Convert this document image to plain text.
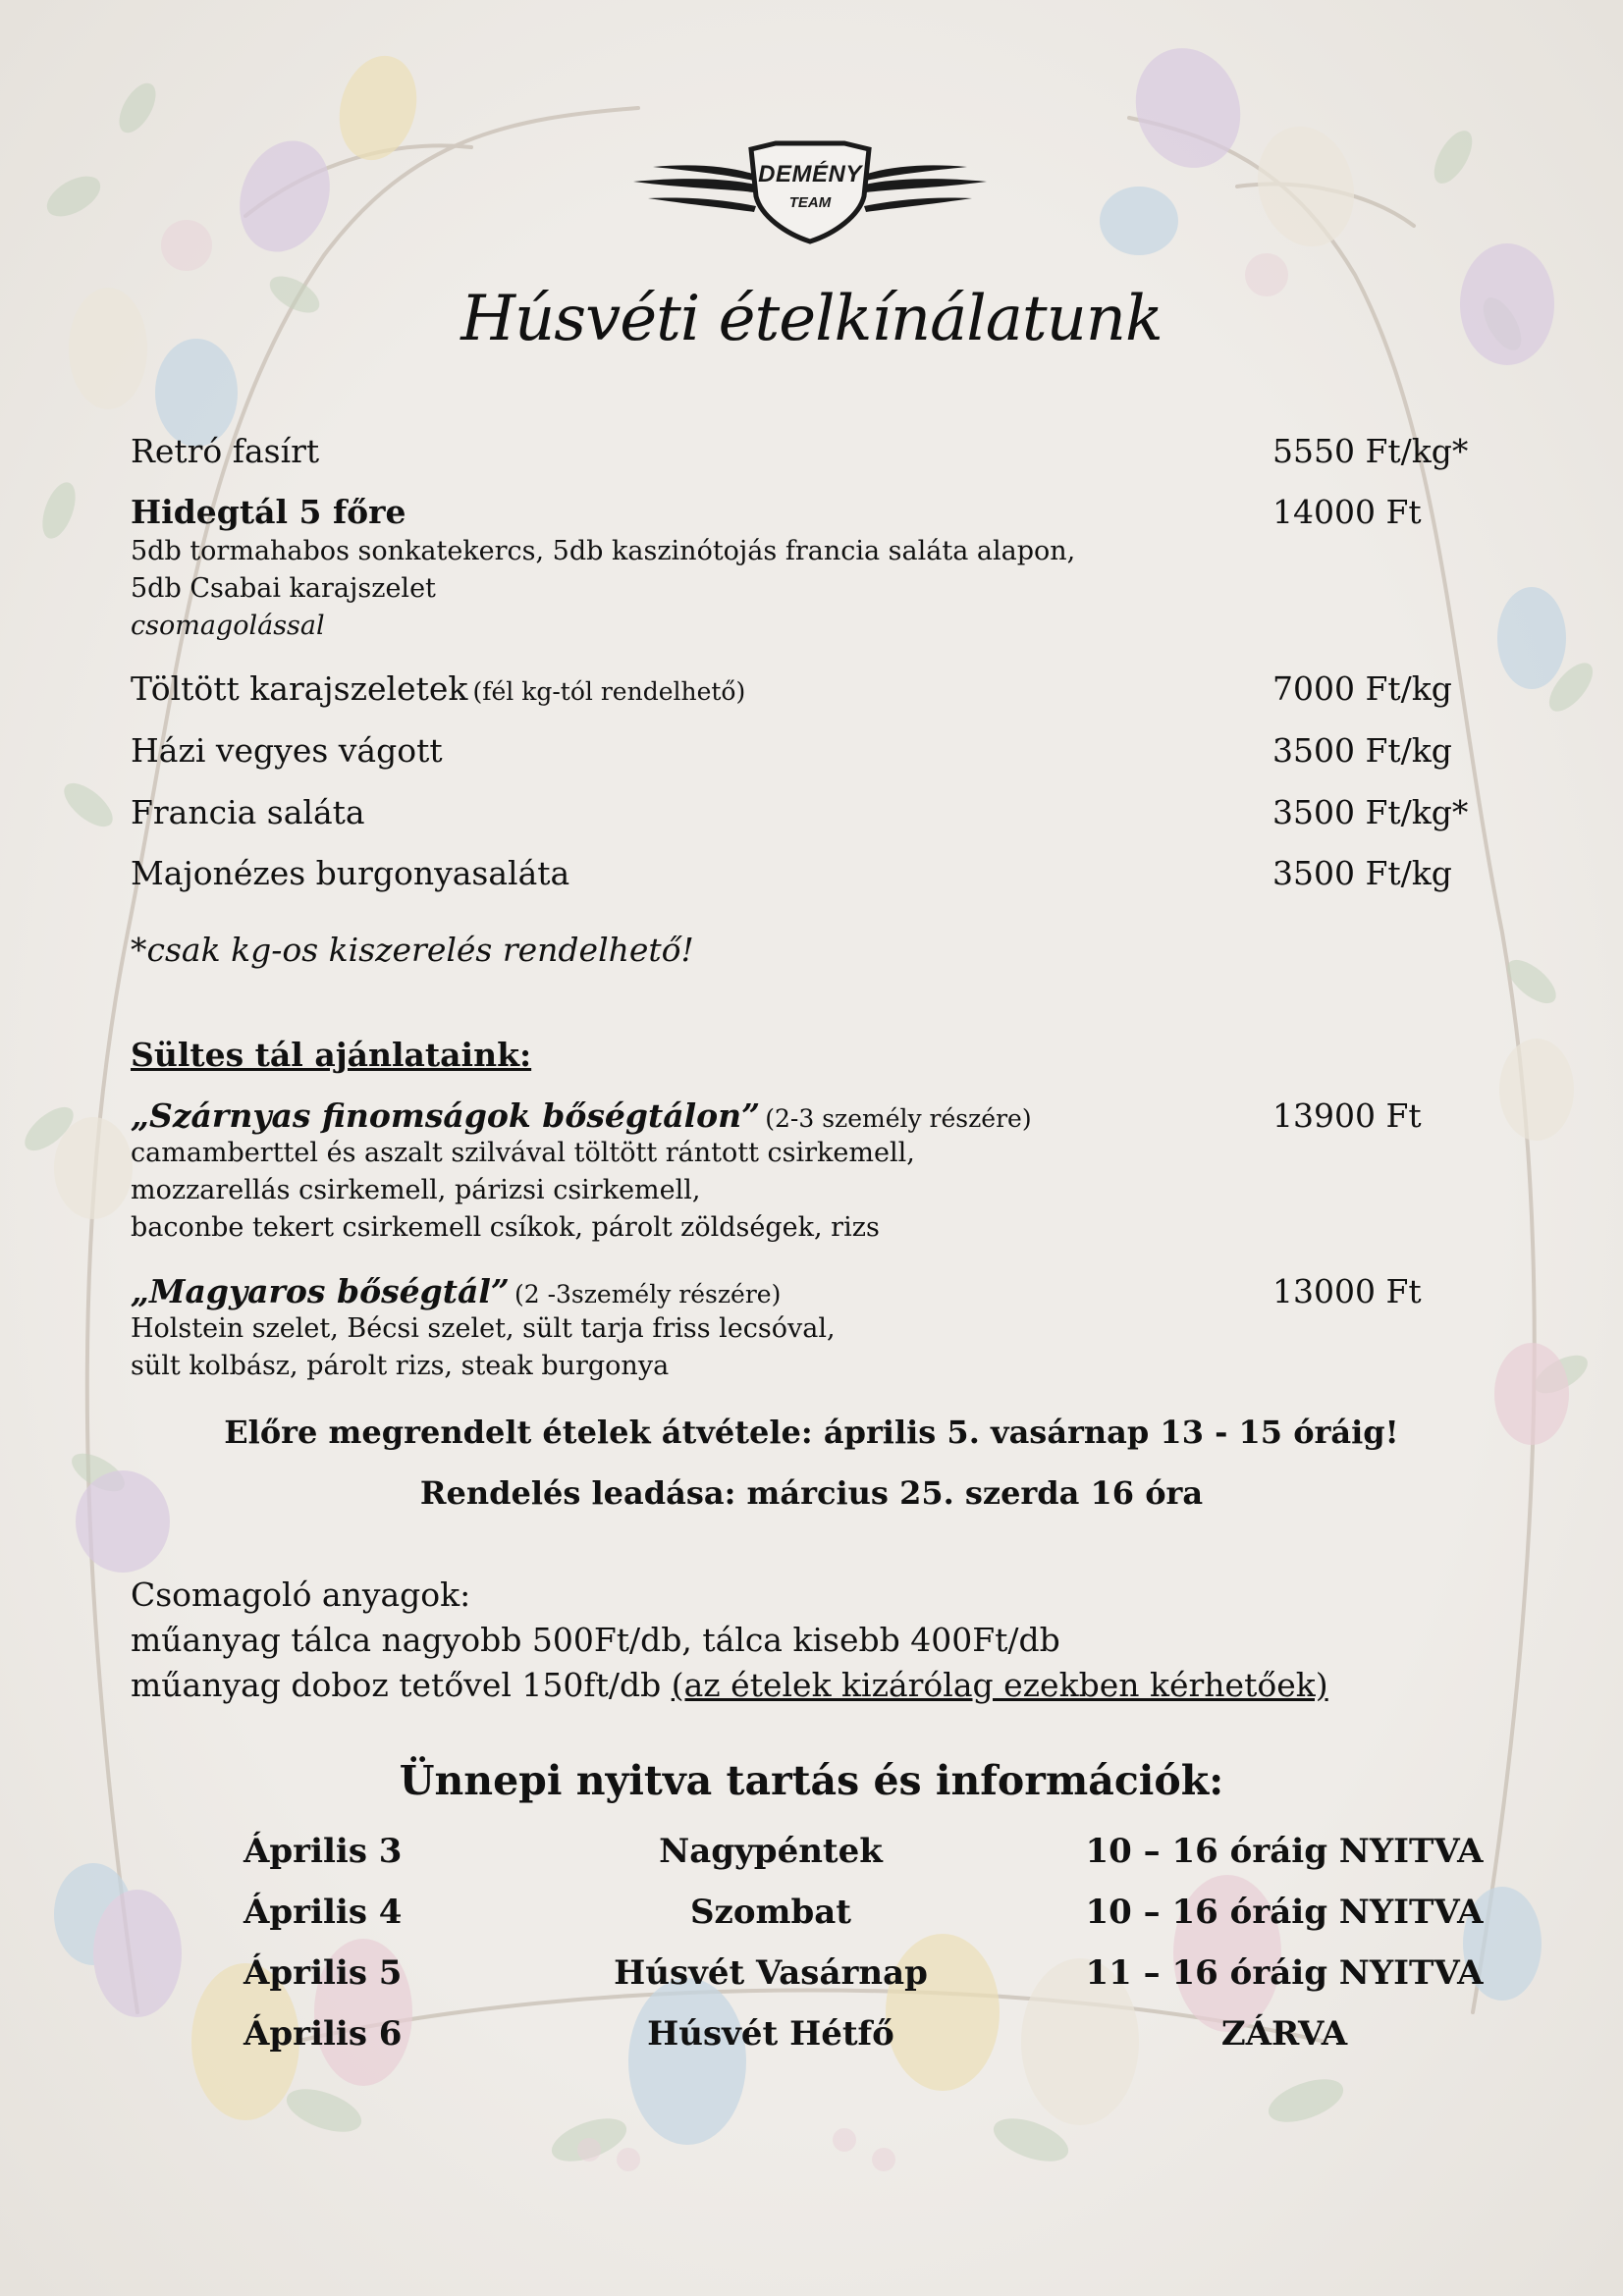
DEMÉNY
TEAM
Húsvéti ételkínálatunk
Retró fasírt	5550 Ft/kg*
Hidegtál 5 főre	14000 Ft
5db tormahabos sonkatekercs, 5db kaszinótojás francia saláta alapon,
5db Csabai karajszelet
csomagolással
Töltött karajszeletek (fél kg-tól rendelhető)	7000 Ft/kg
Házi vegyes vágott	3500 Ft/kg
Francia saláta	3500 Ft/kg*
Majonézes burgonyasaláta	3500 Ft/kg
*csak kg-os kiszerelés rendelhető!
Sültes tál ajánlataink:
„Szárnyas finomságok bőségtálon” (2-3 személy részére)	13900 Ft
camamberttel és aszalt szilvával töltött rántott csirkemell,
mozzarellás csirkemell, párizsi csirkemell,
baconbe tekert csirkemell csíkok, párolt zöldségek, rizs
„Magyaros bőségtál” (2 -3személy részére)	13000 Ft
Holstein szelet, Bécsi szelet, sült tarja friss lecsóval,
sült kolbász, párolt rizs, steak burgonya
Előre megrendelt ételek átvétele: április 5. vasárnap 13 - 15 óráig!
Rendelés leadása: március 25. szerda 16 óra
Csomagoló anyagok:
műanyag tálca nagyobb 500Ft/db, tálca kisebb 400Ft/db
műanyag doboz tetővel 150ft/db (az ételek kizárólag ezekben kérhetőek)
Ünnepi nyitva tartás és információk:
Április 3	Nagypéntek	10 – 16 óráig NYITVA
Április 4	Szombat	10 – 16 óráig NYITVA
Április 5	Húsvét Vasárnap	11 – 16 óráig NYITVA
Április 6	Húsvét Hétfő	ZÁRVA
